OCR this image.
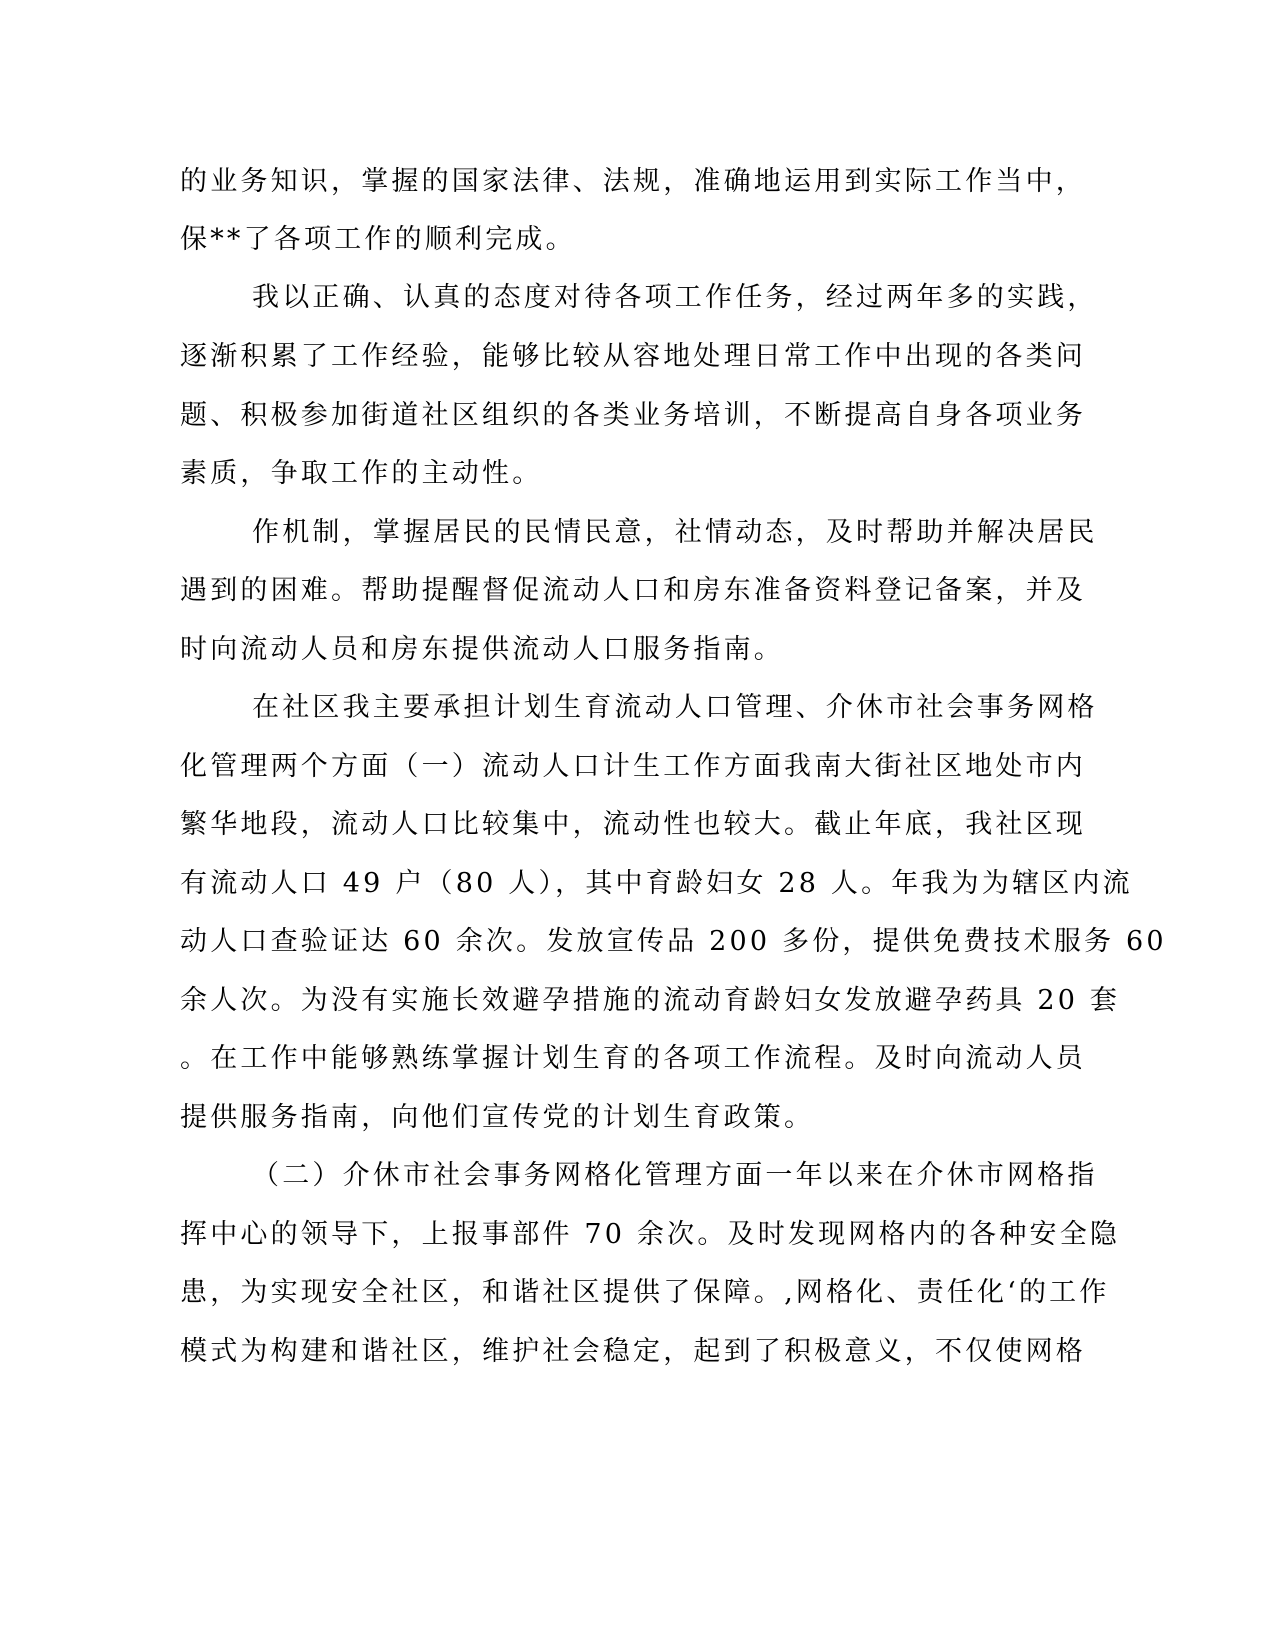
的业务知识，掌握的国家法律、法规，准确地运用到实际工作当中，
保**了各项工作的顺利完成。
我以正确、认真的态度对待各项工作任务，经过两年多的实践，
逐渐积累了工作经验，能够比较从容地处理日常工作中出现的各类问
题、积极参加街道社区组织的各类业务培训，不断提高自身各项业务
素质，争取工作的主动性。
作机制，掌握居民的民情民意，社情动态，及时帮助并解决居民
遇到的困难。帮助提醒督促流动人口和房东准备资料登记备案，并及
时向流动人员和房东提供流动人口服务指南。
在社区我主要承担计划生育流动人口管理、介休市社会事务网格
化管理两个方面（一）流动人口计生工作方面我南大街社区地处市内
繁华地段，流动人口比较集中，流动性也较大。截止年底，我社区现
有流动人口 49 户（80 人），其中育龄妇女 28 人。年我为为辖区内流
动人口查验证达 60 余次。发放宣传品 200 多份，提供免费技术服务 60
余人次。为没有实施长效避孕措施的流动育龄妇女发放避孕药具 20 套
。在工作中能够熟练掌握计划生育的各项工作流程。及时向流动人员
提供服务指南，向他们宣传党的计划生育政策。
（二）介休市社会事务网格化管理方面一年以来在介休市网格指
挥中心的领导下，上报事部件 70 余次。及时发现网格内的各种安全隐
患，为实现安全社区，和谐社区提供了保障。‚网格化、责任化‘的工作
模式为构建和谐社区，维护社会稳定，起到了积极意义，不仅使网格
